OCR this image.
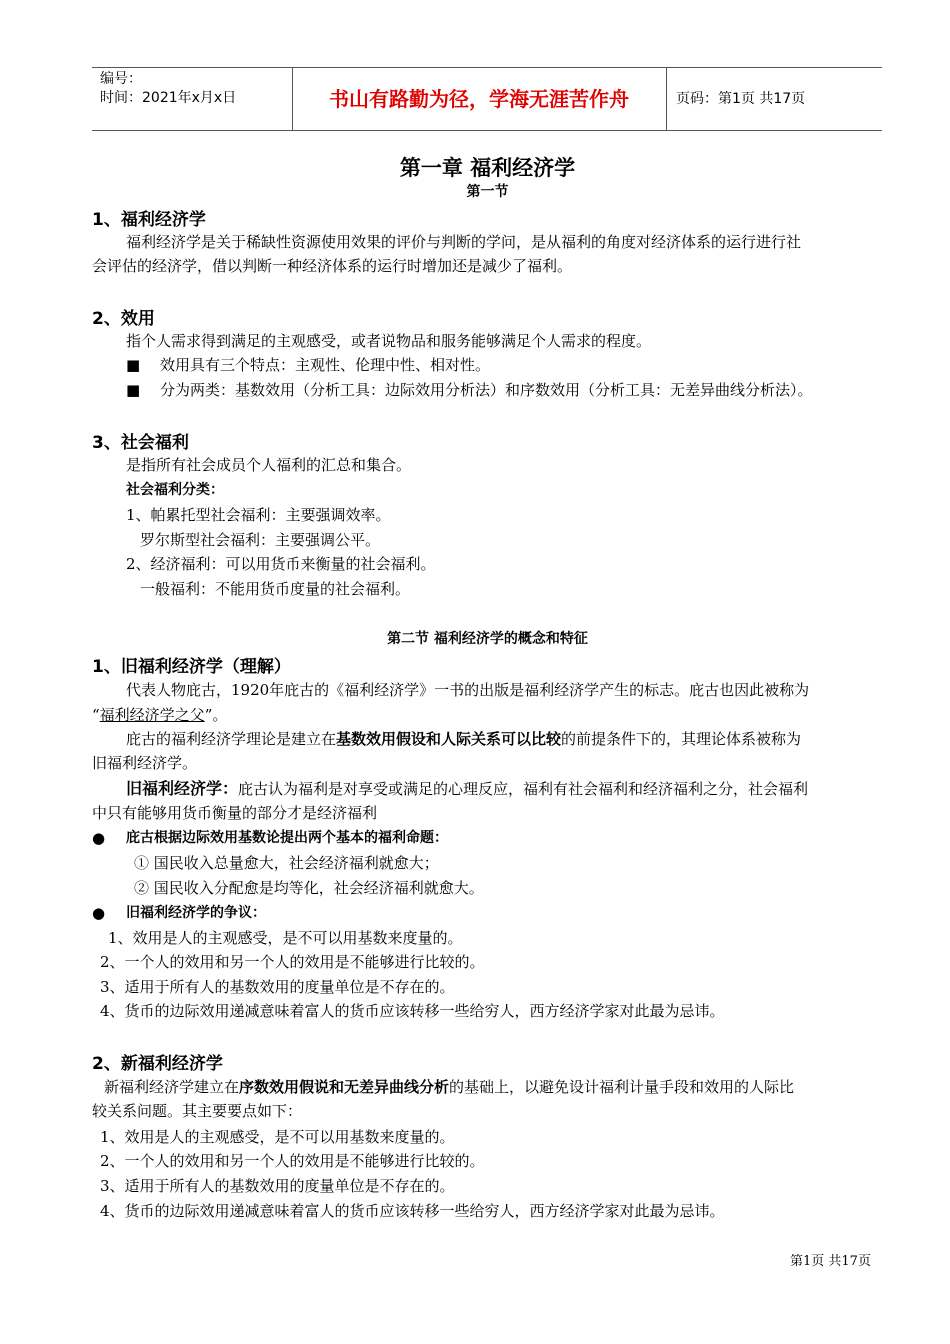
编号：
时间：2021年x月x日	书山有路勤为径，学海无涯苦作舟	页码：第1页 共17页
第一章 福利经济学
第一节
1、福利经济学
福利经济学是关于稀缺性资源使用效果的评价与判断的学问，是从福利的角度对经济体系的运行进行社
会评估的经济学，借以判断一种经济体系的运行时增加还是减少了福利。
2、效用
指个人需求得到满足的主观感受，或者说物品和服务能够满足个人需求的程度。
■ 效用具有三个特点：主观性、伦理中性、相对性。
■ 分为两类：基数效用（分析工具：边际效用分析法）和序数效用（分析工具：无差异曲线分析法）。
3、社会福利
是指所有社会成员个人福利的汇总和集合。
社会福利分类：
1、帕累托型社会福利：主要强调效率。
罗尔斯型社会福利：主要强调公平。
2、经济福利：可以用货币来衡量的社会福利。
一般福利：不能用货币度量的社会福利。
第二节 福利经济学的概念和特征
1、旧福利经济学（理解）
代表人物庇古，1920年庇古的《福利经济学》一书的出版是福利经济学产生的标志。庇古也因此被称为
“福利经济学之父”。
庇古的福利经济学理论是建立在基数效用假设和人际关系可以比较的前提条件下的，其理论体系被称为
旧福利经济学。
旧福利经济学：庇古认为福利是对享受或满足的心理反应，福利有社会福利和经济福利之分，社会福利
中只有能够用货币衡量的部分才是经济福利
● 庇古根据边际效用基数论提出两个基本的福利命题：
① 国民收入总量愈大，社会经济福利就愈大；
② 国民收入分配愈是均等化，社会经济福利就愈大。
● 旧福利经济学的争议：
1、效用是人的主观感受，是不可以用基数来度量的。
2、一个人的效用和另一个人的效用是不能够进行比较的。
3、适用于所有人的基数效用的度量单位是不存在的。
4、货币的边际效用递减意味着富人的货币应该转移一些给穷人，西方经济学家对此最为忌讳。
2、新福利经济学
新福利经济学建立在序数效用假说和无差异曲线分析的基础上，以避免设计福利计量手段和效用的人际比
较关系问题。其主要要点如下：
1、效用是人的主观感受，是不可以用基数来度量的。
2、一个人的效用和另一个人的效用是不能够进行比较的。
3、适用于所有人的基数效用的度量单位是不存在的。
4、货币的边际效用递减意味着富人的货币应该转移一些给穷人，西方经济学家对此最为忌讳。
第1页 共17页
